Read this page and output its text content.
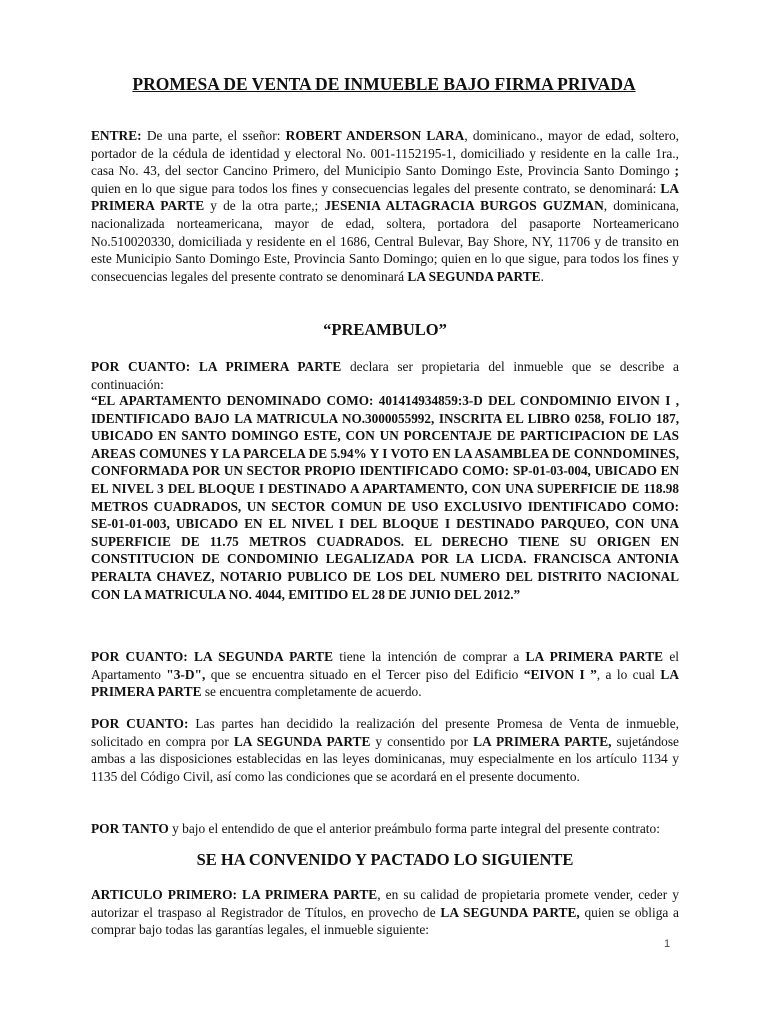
PROMESA DE VENTA DE INMUEBLE BAJO FIRMA PRIVADA
ENTRE: De una parte, el sseñor: ROBERT ANDERSON LARA, dominicano., mayor de edad, soltero, portador de la cédula de identidad y electoral No. 001-1152195-1, domiciliado y residente en la calle 1ra., casa No. 43, del sector Cancino Primero, del Municipio Santo Domingo Este, Provincia Santo Domingo ; quien en lo que sigue para todos los fines y consecuencias legales del presente contrato, se denominará: LA PRIMERA PARTE y de la otra parte,; JESENIA ALTAGRACIA BURGOS GUZMAN, dominicana, nacionalizada norteamericana, mayor de edad, soltera, portadora del pasaporte Norteamericano No.510020330, domiciliada y residente en el 1686, Central Bulevar, Bay Shore, NY, 11706 y de transito en este Municipio Santo Domingo Este, Provincia Santo Domingo; quien en lo que sigue, para todos los fines y consecuencias legales del presente contrato se denominará LA SEGUNDA PARTE.
“PREAMBULO”
POR CUANTO: LA PRIMERA PARTE declara ser propietaria del inmueble que se describe a continuación:
“EL APARTAMENTO DENOMINADO COMO: 401414934859:3-D DEL CONDOMINIO EIVON I , IDENTIFICADO BAJO LA MATRICULA NO.3000055992, INSCRITA EL LIBRO 0258, FOLIO 187, UBICADO EN SANTO DOMINGO ESTE, CON UN PORCENTAJE DE PARTICIPACION DE LAS AREAS COMUNES Y LA PARCELA DE 5.94% Y I VOTO EN LA ASAMBLEA DE CONNDOMINES, CONFORMADA POR UN SECTOR PROPIO IDENTIFICADO COMO: SP-01-03-004, UBICADO EN EL NIVEL 3 DEL BLOQUE I DESTINADO A APARTAMENTO, CON UNA SUPERFICIE DE 118.98 METROS CUADRADOS, UN SECTOR COMUN DE USO EXCLUSIVO IDENTIFICADO COMO: SE-01-01-003, UBICADO EN EL NIVEL I DEL BLOQUE I DESTINADO PARQUEO, CON UNA SUPERFICIE DE 11.75 METROS CUADRADOS. EL DERECHO TIENE SU ORIGEN EN CONSTITUCION DE CONDOMINIO LEGALIZADA POR LA LICDA. FRANCISCA ANTONIA PERALTA CHAVEZ, NOTARIO PUBLICO DE LOS DEL NUMERO DEL DISTRITO NACIONAL CON LA MATRICULA NO. 4044, EMITIDO EL 28 DE JUNIO DEL 2012.”
POR CUANTO: LA SEGUNDA PARTE tiene la intención de comprar a LA PRIMERA PARTE el Apartamento "3-D", que se encuentra situado en el Tercer piso del Edificio “EIVON I ”, a lo cual LA PRIMERA PARTE se encuentra completamente de acuerdo.
POR CUANTO: Las partes han decidido la realización del presente Promesa de Venta de inmueble, solicitado en compra por LA SEGUNDA PARTE y consentido por LA PRIMERA PARTE, sujetándose ambas a las disposiciones establecidas en las leyes dominicanas, muy especialmente en los artículo 1134 y 1135 del Código Civil, así como las condiciones que se acordará en el presente documento.
POR TANTO y bajo el entendido de que el anterior preámbulo forma parte integral del presente contrato:
SE HA CONVENIDO Y PACTADO LO SIGUIENTE
ARTICULO PRIMERO: LA PRIMERA PARTE, en su calidad de propietaria promete vender, ceder y autorizar el traspaso al Registrador de Títulos, en provecho de LA SEGUNDA PARTE, quien se obliga a comprar bajo todas las garantías legales, el inmueble siguiente:
1
